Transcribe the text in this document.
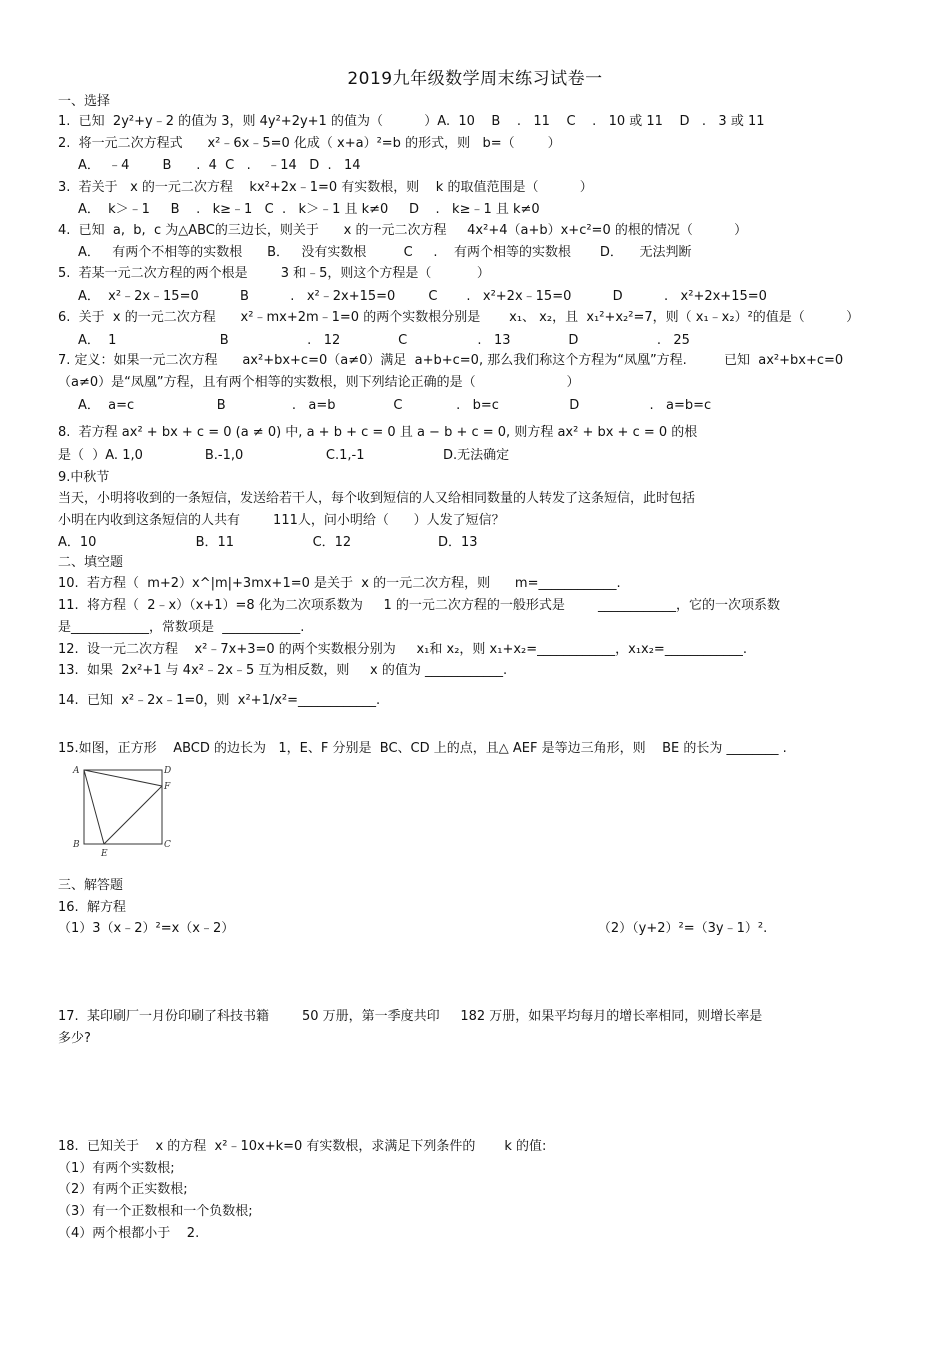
2019九年级数学周末练习试卷一
一、选择
1.  已知  2y²+y﹣2 的值为 3，则 4y²+2y+1 的值为（          ）A.  10    B    .   11    C    .   10 或 11    D   .   3 或 11
2.  将一元二次方程式      x²﹣6x﹣5=0 化成（ x+a）²=b 的形式，则   b=（        ）
A．  ﹣4        B      .  4  C   .    ﹣14   D  .   14
3.  若关于   x 的一元二次方程    kx²+2x﹣1=0 有实数根，则    k 的取值范围是（          ）
A．  k＞﹣1     B    .   k≥﹣1   C  .   k＞﹣1 且 k≠0     D    .   k≥﹣1 且 k≠0
4.  已知  a,  b,  c 为△ABC的三边长，则关于      x 的一元二次方程     4x²+4（a+b）x+c²=0 的根的情况（          ）
A．   有两个不相等的实数根      B．   没有实数根         C     .    有两个相等的实数根       D．    无法判断
5.  若某一元二次方程的两个根是        3 和﹣5，则这个方程是（           ）
A．  x²﹣2x﹣15=0          B          .   x²﹣2x+15=0        C       .   x²+2x﹣15=0          D          .   x²+2x+15=0
6.  关于  x 的一元二次方程      x²﹣mx+2m﹣1=0 的两个实数根分别是       x₁、 x₂，且  x₁²+x₂²=7，则（ x₁﹣x₂）²的值是（          ）
A．  1                         B                   .   12              C                 .   13              D                   .   25
7. 定义：如果一元二次方程      ax²+bx+c=0（a≠0）满足  a+b+c=0, 那么我们称这个方程为“凤凰”方程.         已知  ax²+bx+c=0
（a≠0）是“凤凰”方程，且有两个相等的实数根，则下列结论正确的是（                      ）
A．  a=c                    B                .   a=b              C             .   b=c                 D                 .   a=b=c
8.  若方程 ax² + bx + c = 0 (a ≠ 0) 中, a + b + c = 0 且 a − b + c = 0, 则方程 ax² + bx + c = 0 的根
是（  ）A. 1,0               B.-1,0                    C.1,-1                   D.无法确定
9.中秋节
当天，小明将收到的一条短信，发送给若干人，每个收到短信的人又给相同数量的人转发了这条短信，此时包括
小明在内收到这条短信的人共有        111人，问小明给（      ）人发了短信？
A．10                        B．11                   C．12                     D．13
二、填空题
10.  若方程（  m+2）x^|m|+3mx+1=0 是关于  x 的一元二次方程，则      m=____________.
11.  将方程（  2﹣x）（x+1）=8 化为二次项系数为     1 的一元二次方程的一般形式是        ____________，它的一次项系数
是____________，常数项是  ____________.
12.  设一元二次方程    x²﹣7x+3=0 的两个实数根分别为     x₁和 x₂，则 x₁+x₂=____________，x₁x₂=____________.
13.  如果  2x²+1 与 4x²﹣2x﹣5 互为相反数，则     x 的值为 ____________.
14.  已知  x²﹣2x﹣1=0，则  x²+1/x²=____________.
15.如图，正方形    ABCD 的边长为   1，E、F 分别是  BC、CD 上的点，且△ AEF 是等边三角形，则    BE 的长为 ________ .
三、解答题
16.  解方程
（1）3（x﹣2）²=x（x﹣2）                                                                                        （2）（y+2）²=（3y﹣1）².
17.  某印刷厂一月份印刷了科技书籍        50 万册，第一季度共印     182 万册，如果平均每月的增长率相同，则增长率是
多少?
18.  已知关于    x 的方程  x²﹣10x+k=0 有实数根，求满足下列条件的       k 的值:
（1）有两个实数根;
（2）有两个正实数根;
（3）有一个正数根和一个负数根;
（4）两个根都小于    2.
A	D
F
B	C
E
